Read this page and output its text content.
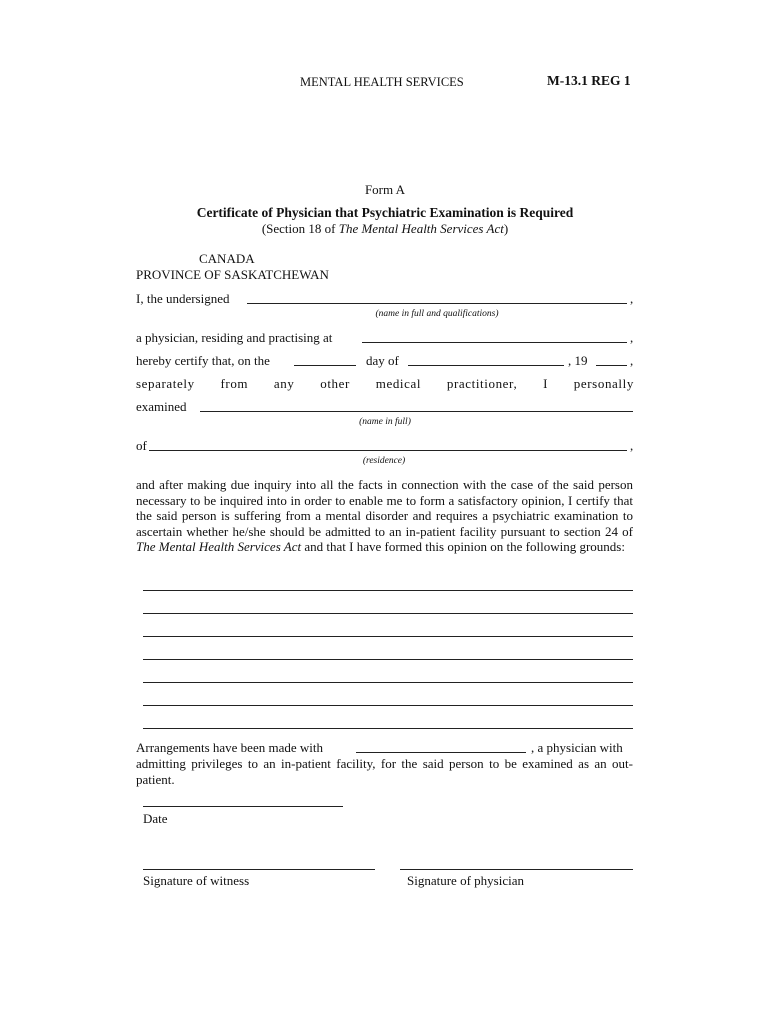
MENTAL HEALTH SERVICES	M-13.1 REG 1
Form A
Certificate of Physician that Psychiatric Examination is Required
(Section 18 of The Mental Health Services Act)
CANADA
PROVINCE OF SASKATCHEWAN
I, the undersigned	,
(name in full and qualifications)
a physician, residing and practising at	,
hereby certify that, on the	day of	, 19	,
separately from any other medical practitioner, I personally
examined
(name in full)
of	,
(residence)
and after making due inquiry into all the facts in connection with the case of the said person necessary to be inquired into in order to enable me to form a satisfactory opinion, I certify that the said person is suffering from a mental disorder and requires a psychiatric examination to ascertain whether he/she should be admitted to an in-patient facility pursuant to section 24 of The Mental Health Services Act and that I have formed this opinion on the following grounds:
Arrangements have been made with	, a physician with
admitting privileges to an in-patient facility, for the said person to be examined as an out-patient.
Date
Signature of witness	Signature of physician
